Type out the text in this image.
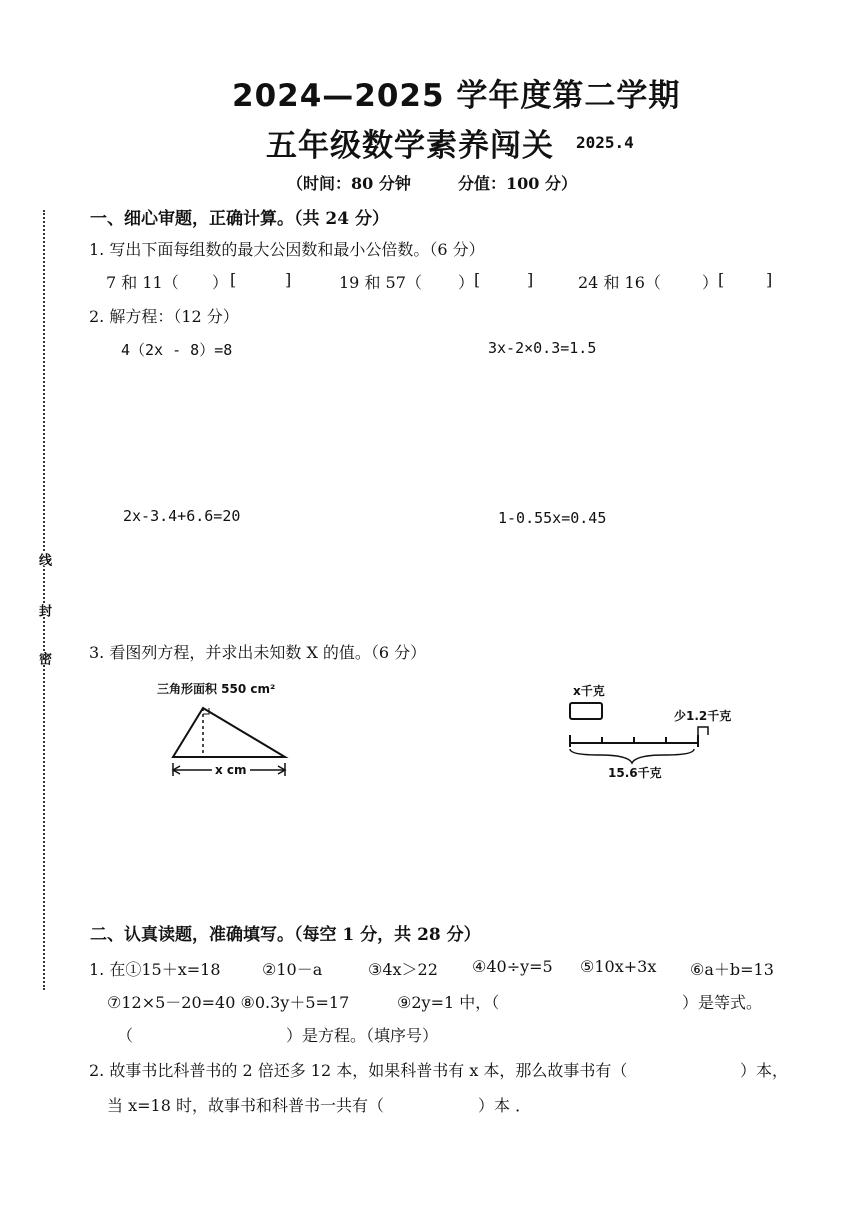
密
封
线
2024—2025 学年度第二学期
五年级数学素养闯关 2025.4
（时间：80 分钟	分值：100 分）
一、细心审题，正确计算。（共 24 分）
1. 写出下面每组数的最大公因数和最小公倍数。（6 分）
7 和 11（ ） [	]	19 和 57（ ） [	]	24 和 16（	） [	]
2. 解方程：（12 分）
4（2x - 8）=8	3x-2×0.3=1.5
2x-3.4+6.6=20	1-0.55x=0.45
3. 看图列方程，并求出未知数 X 的值。（6 分）
三角形面积 550 cm²
x cm
x千克
少1.2千克
15.6千克
二、认真读题，准确填写。（每空 1 分，共 28 分）
1. 在①15＋x=18	②10－a	③4x＞22 ④40÷y=5 ⑤10x+3x ⑥a＋b=13
⑦12×5－20=40 ⑧0.3y＋5=17	⑨2y=1 中，（	）是等式。
（	）是方程。（填序号）
2. 故事书比科普书的 2 倍还多 12 本，如果科普书有 x 本，那么故事书有（	）本，
当 x=18 时，故事书和科普书一共有（	）本 ．
